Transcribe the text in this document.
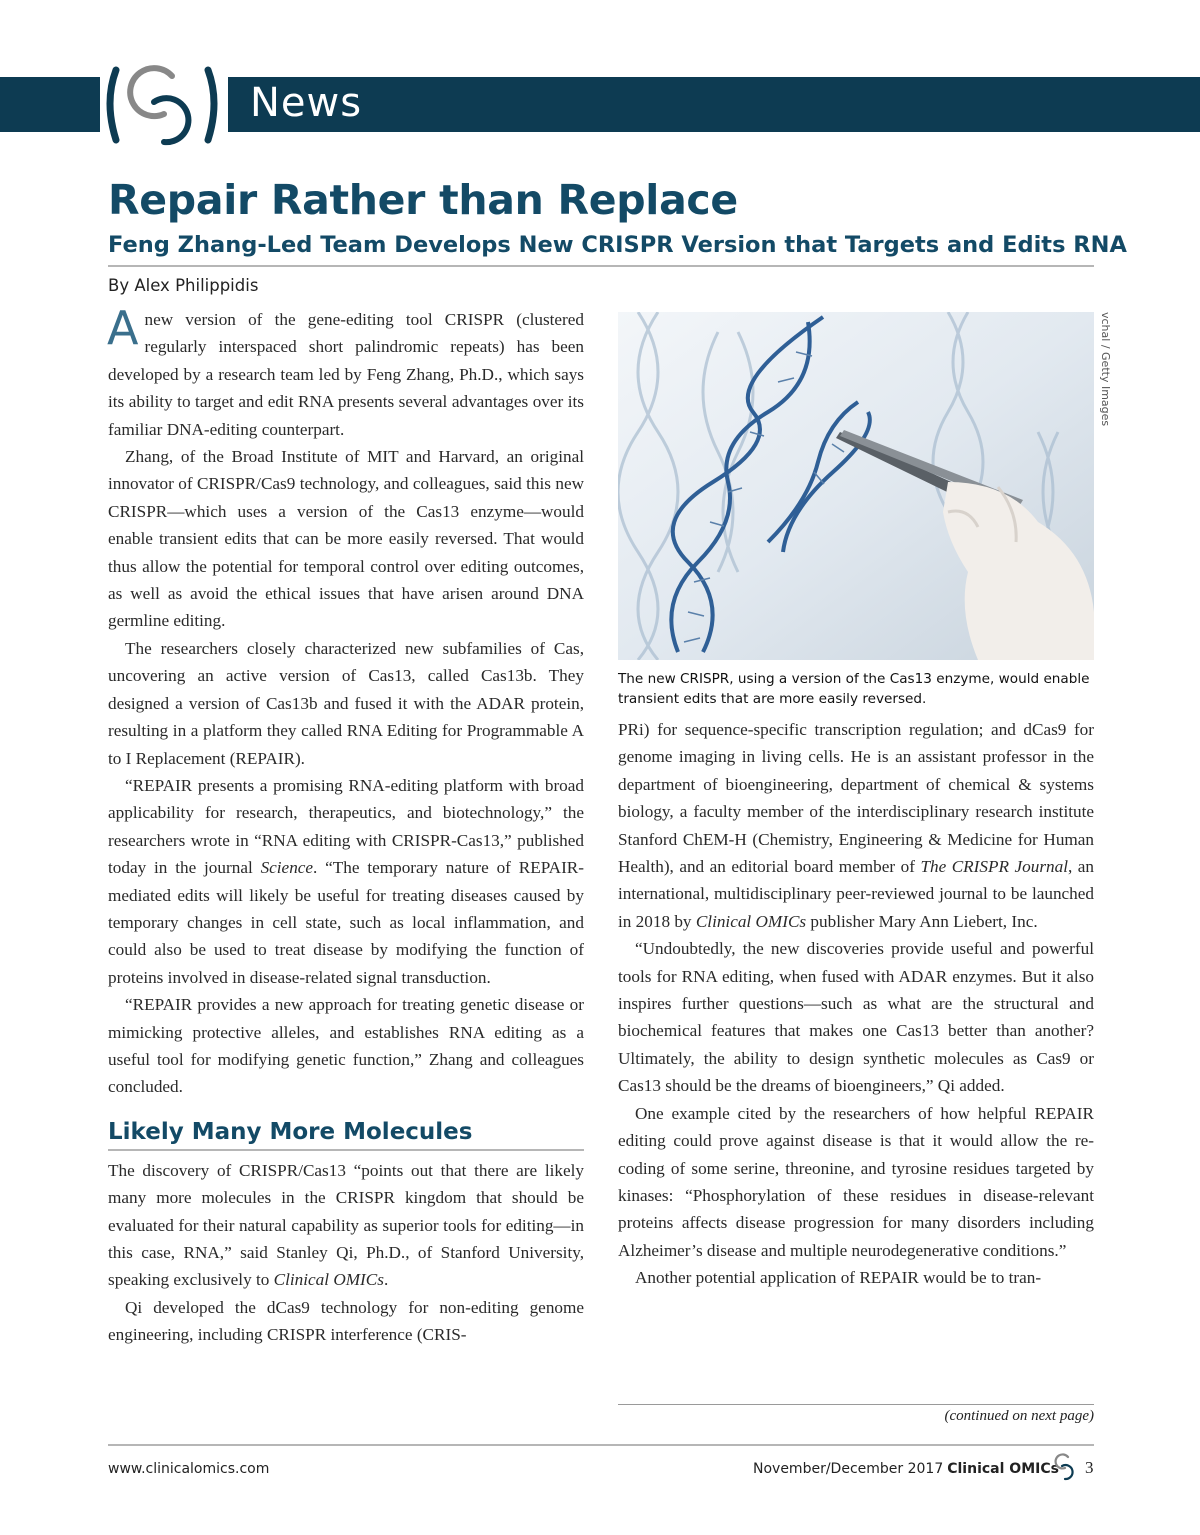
News
Repair Rather than Replace
Feng Zhang-Led Team Develops New CRISPR Version that Targets and Edits RNA
By Alex Philippidis

A new version of the gene-editing tool CRISPR (clustered regularly interspaced short palindromic repeats) has been developed by a research team led by Feng Zhang, Ph.D., which says its ability to target and edit RNA presents several advantages over its familiar DNA-editing counterpart.

Zhang, of the Broad Institute of MIT and Harvard, an original innovator of CRISPR/Cas9 technology, and colleagues, said this new CRISPR—which uses a version of the Cas13 enzyme—would enable transient edits that can be more easily reversed. That would thus allow the potential for temporal control over editing outcomes, as well as avoid the ethical issues that have arisen around DNA germline editing.

The researchers closely characterized new subfamilies of Cas, uncovering an active version of Cas13, called Cas13b. They designed a version of Cas13b and fused it with the ADAR protein, resulting in a platform they called RNA Editing for Programmable A to I Replacement (REPAIR).

“REPAIR presents a promising RNA-editing platform with broad applicability for research, therapeutics, and biotechnology,” the researchers wrote in “RNA editing with CRISPR-Cas13,” published today in the journal Science. “The temporary nature of REPAIR-mediated edits will likely be useful for treating diseases caused by temporary changes in cell state, such as local inflammation, and could also be used to treat disease by modifying the function of proteins involved in disease-related signal transduction.

“REPAIR provides a new approach for treating genetic disease or mimicking protective alleles, and establishes RNA editing as a useful tool for modifying genetic function,” Zhang and colleagues concluded.

Likely Many More Molecules

The discovery of CRISPR/Cas13 “points out that there are likely many more molecules in the CRISPR kingdom that should be evaluated for their natural capability as superior tools for editing—in this case, RNA,” said Stanley Qi, Ph.D., of Stanford University, speaking exclusively to Clinical OMICs.

Qi developed the dCas9 technology for non-editing genome engineering, including CRISPR interference (CRIS-

vchal / Getty Images
The new CRISPR, using a version of the Cas13 enzyme, would enable transient edits that are more easily reversed.

PRi) for sequence-specific transcription regulation; and dCas9 for genome imaging in living cells. He is an assistant professor in the department of bioengineering, department of chemical & systems biology, a faculty member of the interdisciplinary research institute Stanford ChEM-H (Chemistry, Engineering & Medicine for Human Health), and an editorial board member of The CRISPR Journal, an international, multidisciplinary peer-reviewed journal to be launched in 2018 by Clinical OMICs publisher Mary Ann Liebert, Inc.

“Undoubtedly, the new discoveries provide useful and powerful tools for RNA editing, when fused with ADAR enzymes. But it also inspires further questions—such as what are the structural and biochemical features that makes one Cas13 better than another? Ultimately, the ability to design synthetic molecules as Cas9 or Cas13 should be the dreams of bioengineers,” Qi added.

One example cited by the researchers of how helpful REPAIR editing could prove against disease is that it would allow the re-coding of some serine, threonine, and tyrosine residues targeted by kinases: “Phosphorylation of these residues in disease-relevant proteins affects disease progression for many disorders including Alzheimer’s disease and multiple neurodegenerative conditions.”

Another potential application of REPAIR would be to tran-

(continued on next page)
www.clinicalomics.com	November/December 2017 Clinical OMICs 3
